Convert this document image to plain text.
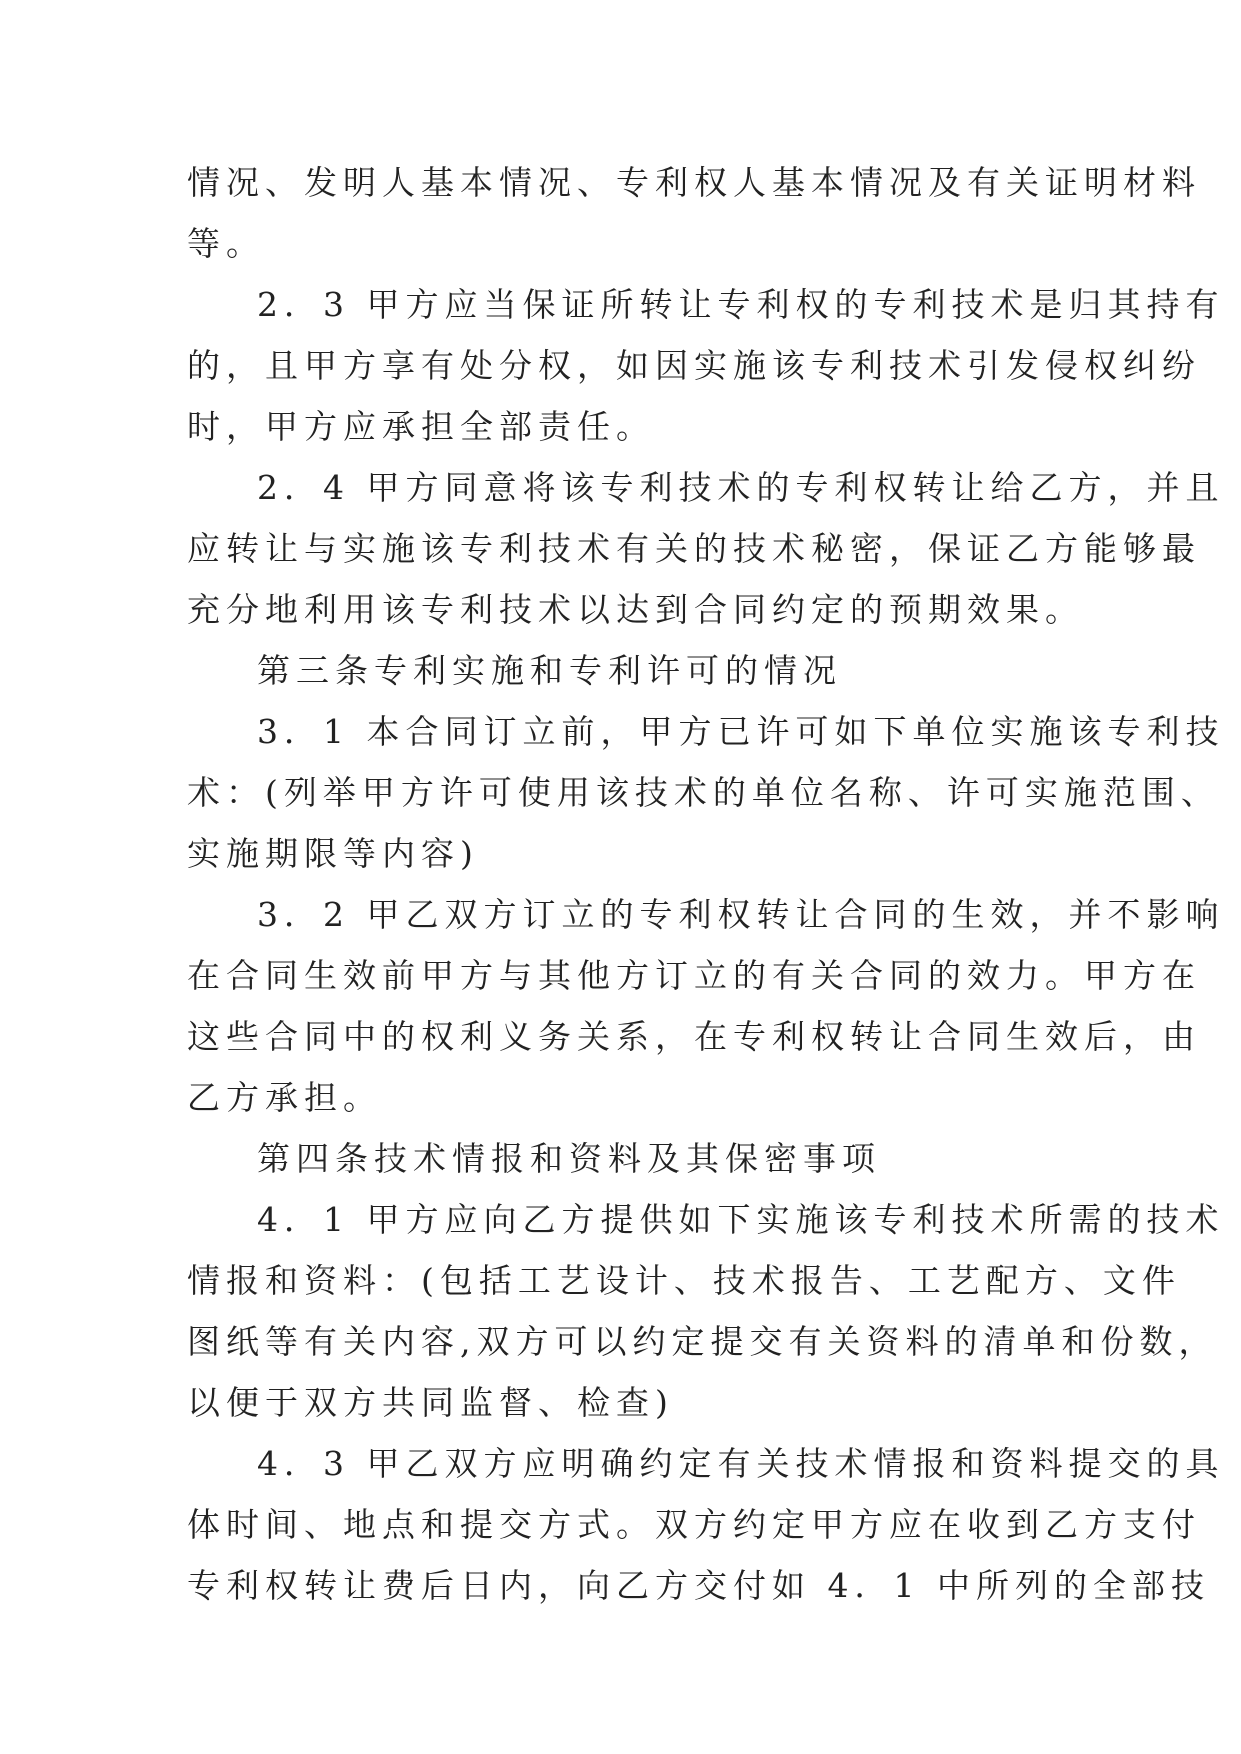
情况、发明人基本情况、专利权人基本情况及有关证明材料
等。
2．3 甲方应当保证所转让专利权的专利技术是归其持有
的，且甲方享有处分权，如因实施该专利技术引发侵权纠纷
时，甲方应承担全部责任。
2．4 甲方同意将该专利技术的专利权转让给乙方，并且
应转让与实施该专利技术有关的技术秘密，保证乙方能够最
充分地利用该专利技术以达到合同约定的预期效果。
第三条专利实施和专利许可的情况
3．1 本合同订立前，甲方已许可如下单位实施该专利技
术：(列举甲方许可使用该技术的单位名称、许可实施范围、
实施期限等内容)
3．2 甲乙双方订立的专利权转让合同的生效，并不影响
在合同生效前甲方与其他方订立的有关合同的效力。甲方在
这些合同中的权利义务关系，在专利权转让合同生效后，由
乙方承担。
第四条技术情报和资料及其保密事项
4．1 甲方应向乙方提供如下实施该专利技术所需的技术
情报和资料：(包括工艺设计、技术报告、工艺配方、文件
图纸等有关内容,双方可以约定提交有关资料的清单和份数，
以便于双方共同监督、检查)
4．3 甲乙双方应明确约定有关技术情报和资料提交的具
体时间、地点和提交方式。双方约定甲方应在收到乙方支付
专利权转让费后日内，向乙方交付如 4．1 中所列的全部技
